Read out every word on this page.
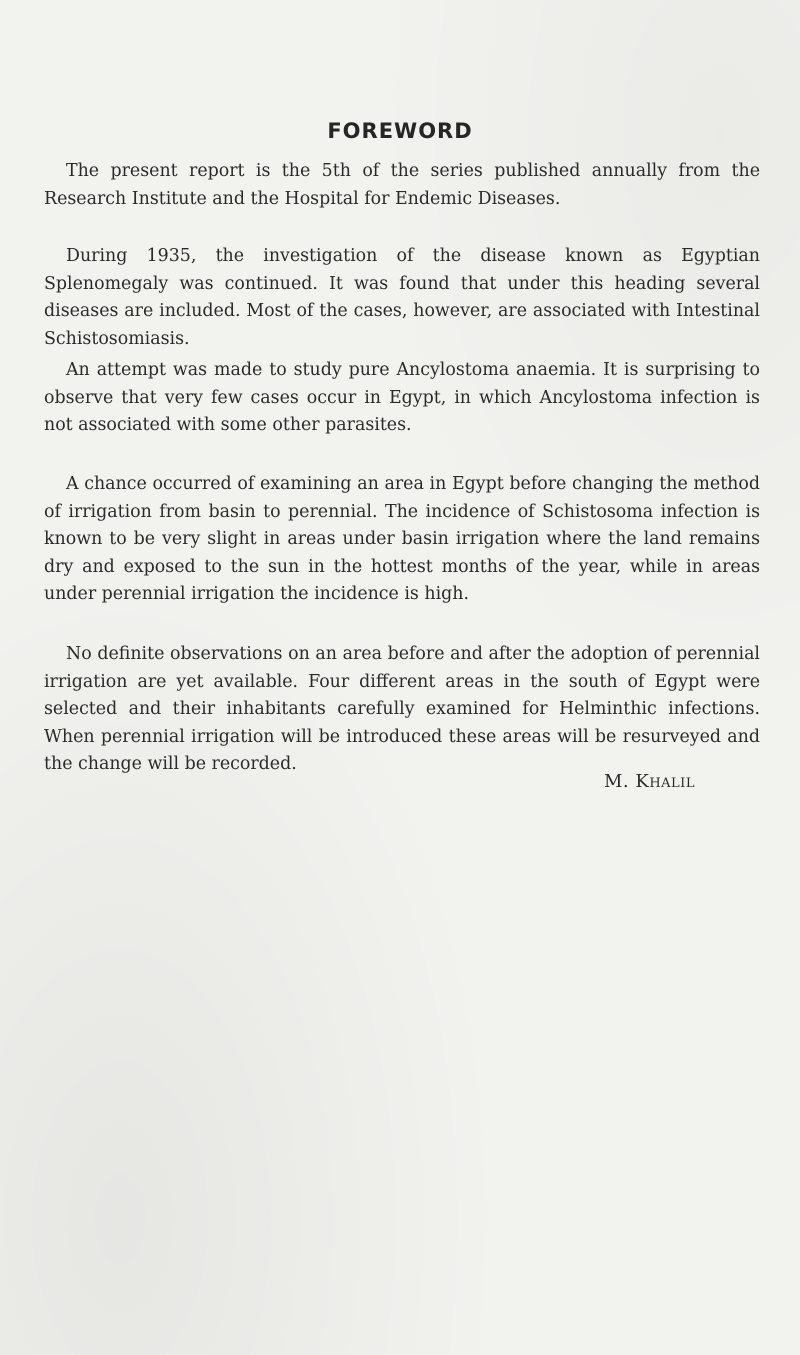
FOREWORD

The present report is the 5th of the series published annually from the Research Institute and the Hospital for Endemic Diseases.

During 1935, the investigation of the disease known as Egyptian Splenomegaly was continued. It was found that under this heading several diseases are included. Most of the cases, however, are associated with Intestinal Schistosomiasis.

An attempt was made to study pure Ancylostoma anaemia. It is surprising to observe that very few cases occur in Egypt, in which Ancylostoma infection is not associated with some other parasites.

A chance occurred of examining an area in Egypt before changing the method of irrigation from basin to perennial. The incidence of Schistosoma infection is known to be very slight in areas under basin irrigation where the land remains dry and exposed to the sun in the hottest months of the year, while in areas under perennial irrigation the incidence is high.

No definite observations on an area before and after the adoption of perennial irrigation are yet available. Four different areas in the south of Egypt were selected and their inhabitants carefully examined for Helminthic infections. When perennial irrigation will be introduced these areas will be resurveyed and the change will be recorded.

M. Khalil
